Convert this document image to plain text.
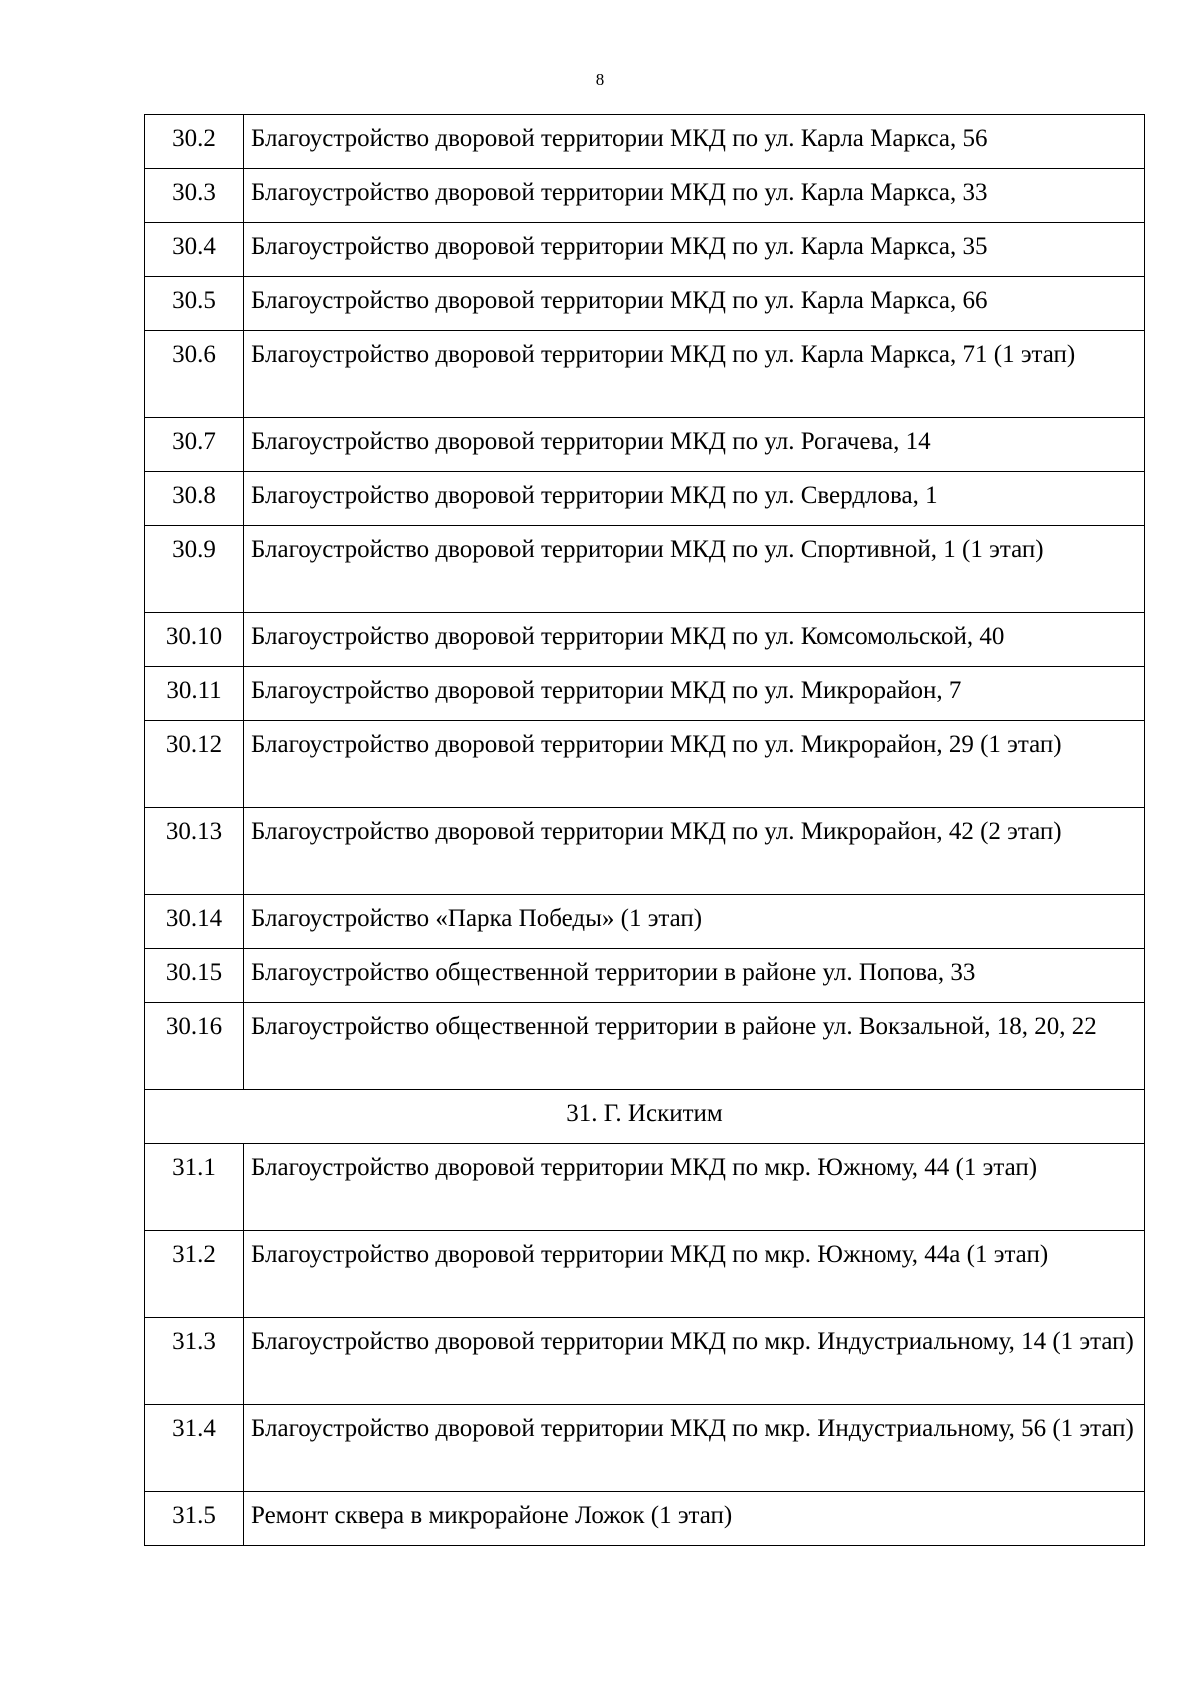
8
30.2	Благоустройство дворовой территории МКД по ул. Карла Маркса, 56
30.3	Благоустройство дворовой территории МКД по ул. Карла Маркса, 33
30.4	Благоустройство дворовой территории МКД по ул. Карла Маркса, 35
30.5	Благоустройство дворовой территории МКД по ул. Карла Маркса, 66
30.6	Благоустройство дворовой территории МКД по ул. Карла Маркса, 71 (1 этап)
30.7	Благоустройство дворовой территории МКД по ул. Рогачева, 14
30.8	Благоустройство дворовой территории МКД по ул. Свердлова, 1
30.9	Благоустройство дворовой территории МКД по ул. Спортивной, 1 (1 этап)
30.10	Благоустройство дворовой территории МКД по ул. Комсомольской, 40
30.11	Благоустройство дворовой территории МКД по ул. Микрорайон, 7
30.12	Благоустройство дворовой территории МКД по ул. Микрорайон, 29 (1 этап)
30.13	Благоустройство дворовой территории МКД по ул. Микрорайон, 42 (2 этап)
30.14	Благоустройство «Парка Победы» (1 этап)
30.15	Благоустройство общественной территории в районе ул. Попова, 33
30.16	Благоустройство общественной территории в районе ул. Вокзальной, 18, 20, 22
31. Г. Искитим	
31.1	Благоустройство дворовой территории МКД по мкр. Южному, 44 (1 этап)
31.2	Благоустройство дворовой территории МКД по мкр. Южному, 44а (1 этап)
31.3	Благоустройство дворовой территории МКД по мкр. Индустриальному, 14 (1 этап)
31.4	Благоустройство дворовой территории МКД по мкр. Индустриальному, 56 (1 этап)
31.5	Ремонт сквера в микрорайоне Ложок (1 этап)
